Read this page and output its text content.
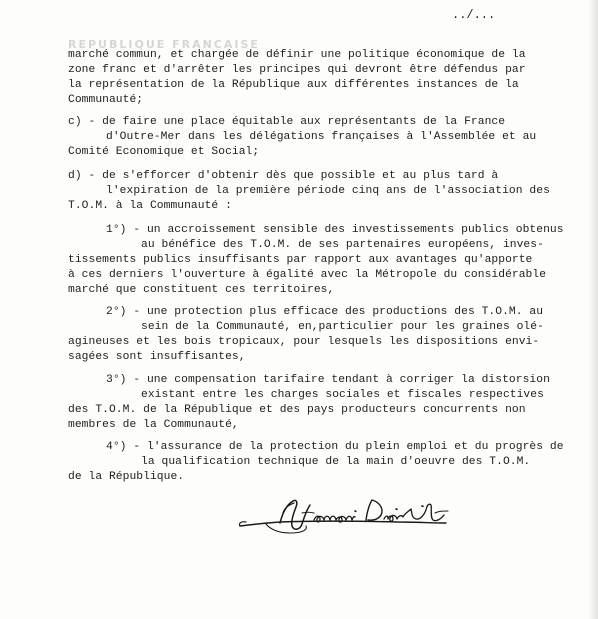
REPUBLIQUE FRANCAISE
../...
marché commun, et chargée de définir une politique économique de la
zone franc et d'arrêter les principes qui devront être défendus par
la représentation de la République aux différentes instances de la
Communauté;
c) - de faire une place équitable aux représentants de la France
d'Outre-Mer dans les délégations françaises à l'Assemblée et au
Comité Economique et Social;
d) - de s'efforcer d'obtenir dès que possible et au plus tard à
l'expiration de la première période cinq ans de l'association des
T.O.M. à la Communauté :
1°) - un accroissement sensible des investissements publics obtenus
au bénéfice des T.O.M. de ses partenaires européens, inves-
tissements publics insuffisants par rapport aux avantages qu'apporte
à ces derniers l'ouverture à égalité avec la Métropole du considérable
marché que constituent ces territoires,
2°) - une protection plus efficace des productions des T.O.M. au
sein de la Communauté, en,particulier pour les graines olé-
agineuses et les bois tropicaux, pour lesquels les dispositions envi-
sagées sont insuffisantes,
3°) - une compensation tarifaire tendant à corriger la distorsion
existant entre les charges sociales et fiscales respectives
des T.O.M. de la République et des pays producteurs concurrents non
membres de la Communauté,
4°) - l'assurance de la protection du plein emploi et du progrès de
la qualification technique de la main d'oeuvre des T.O.M.
de la République.
